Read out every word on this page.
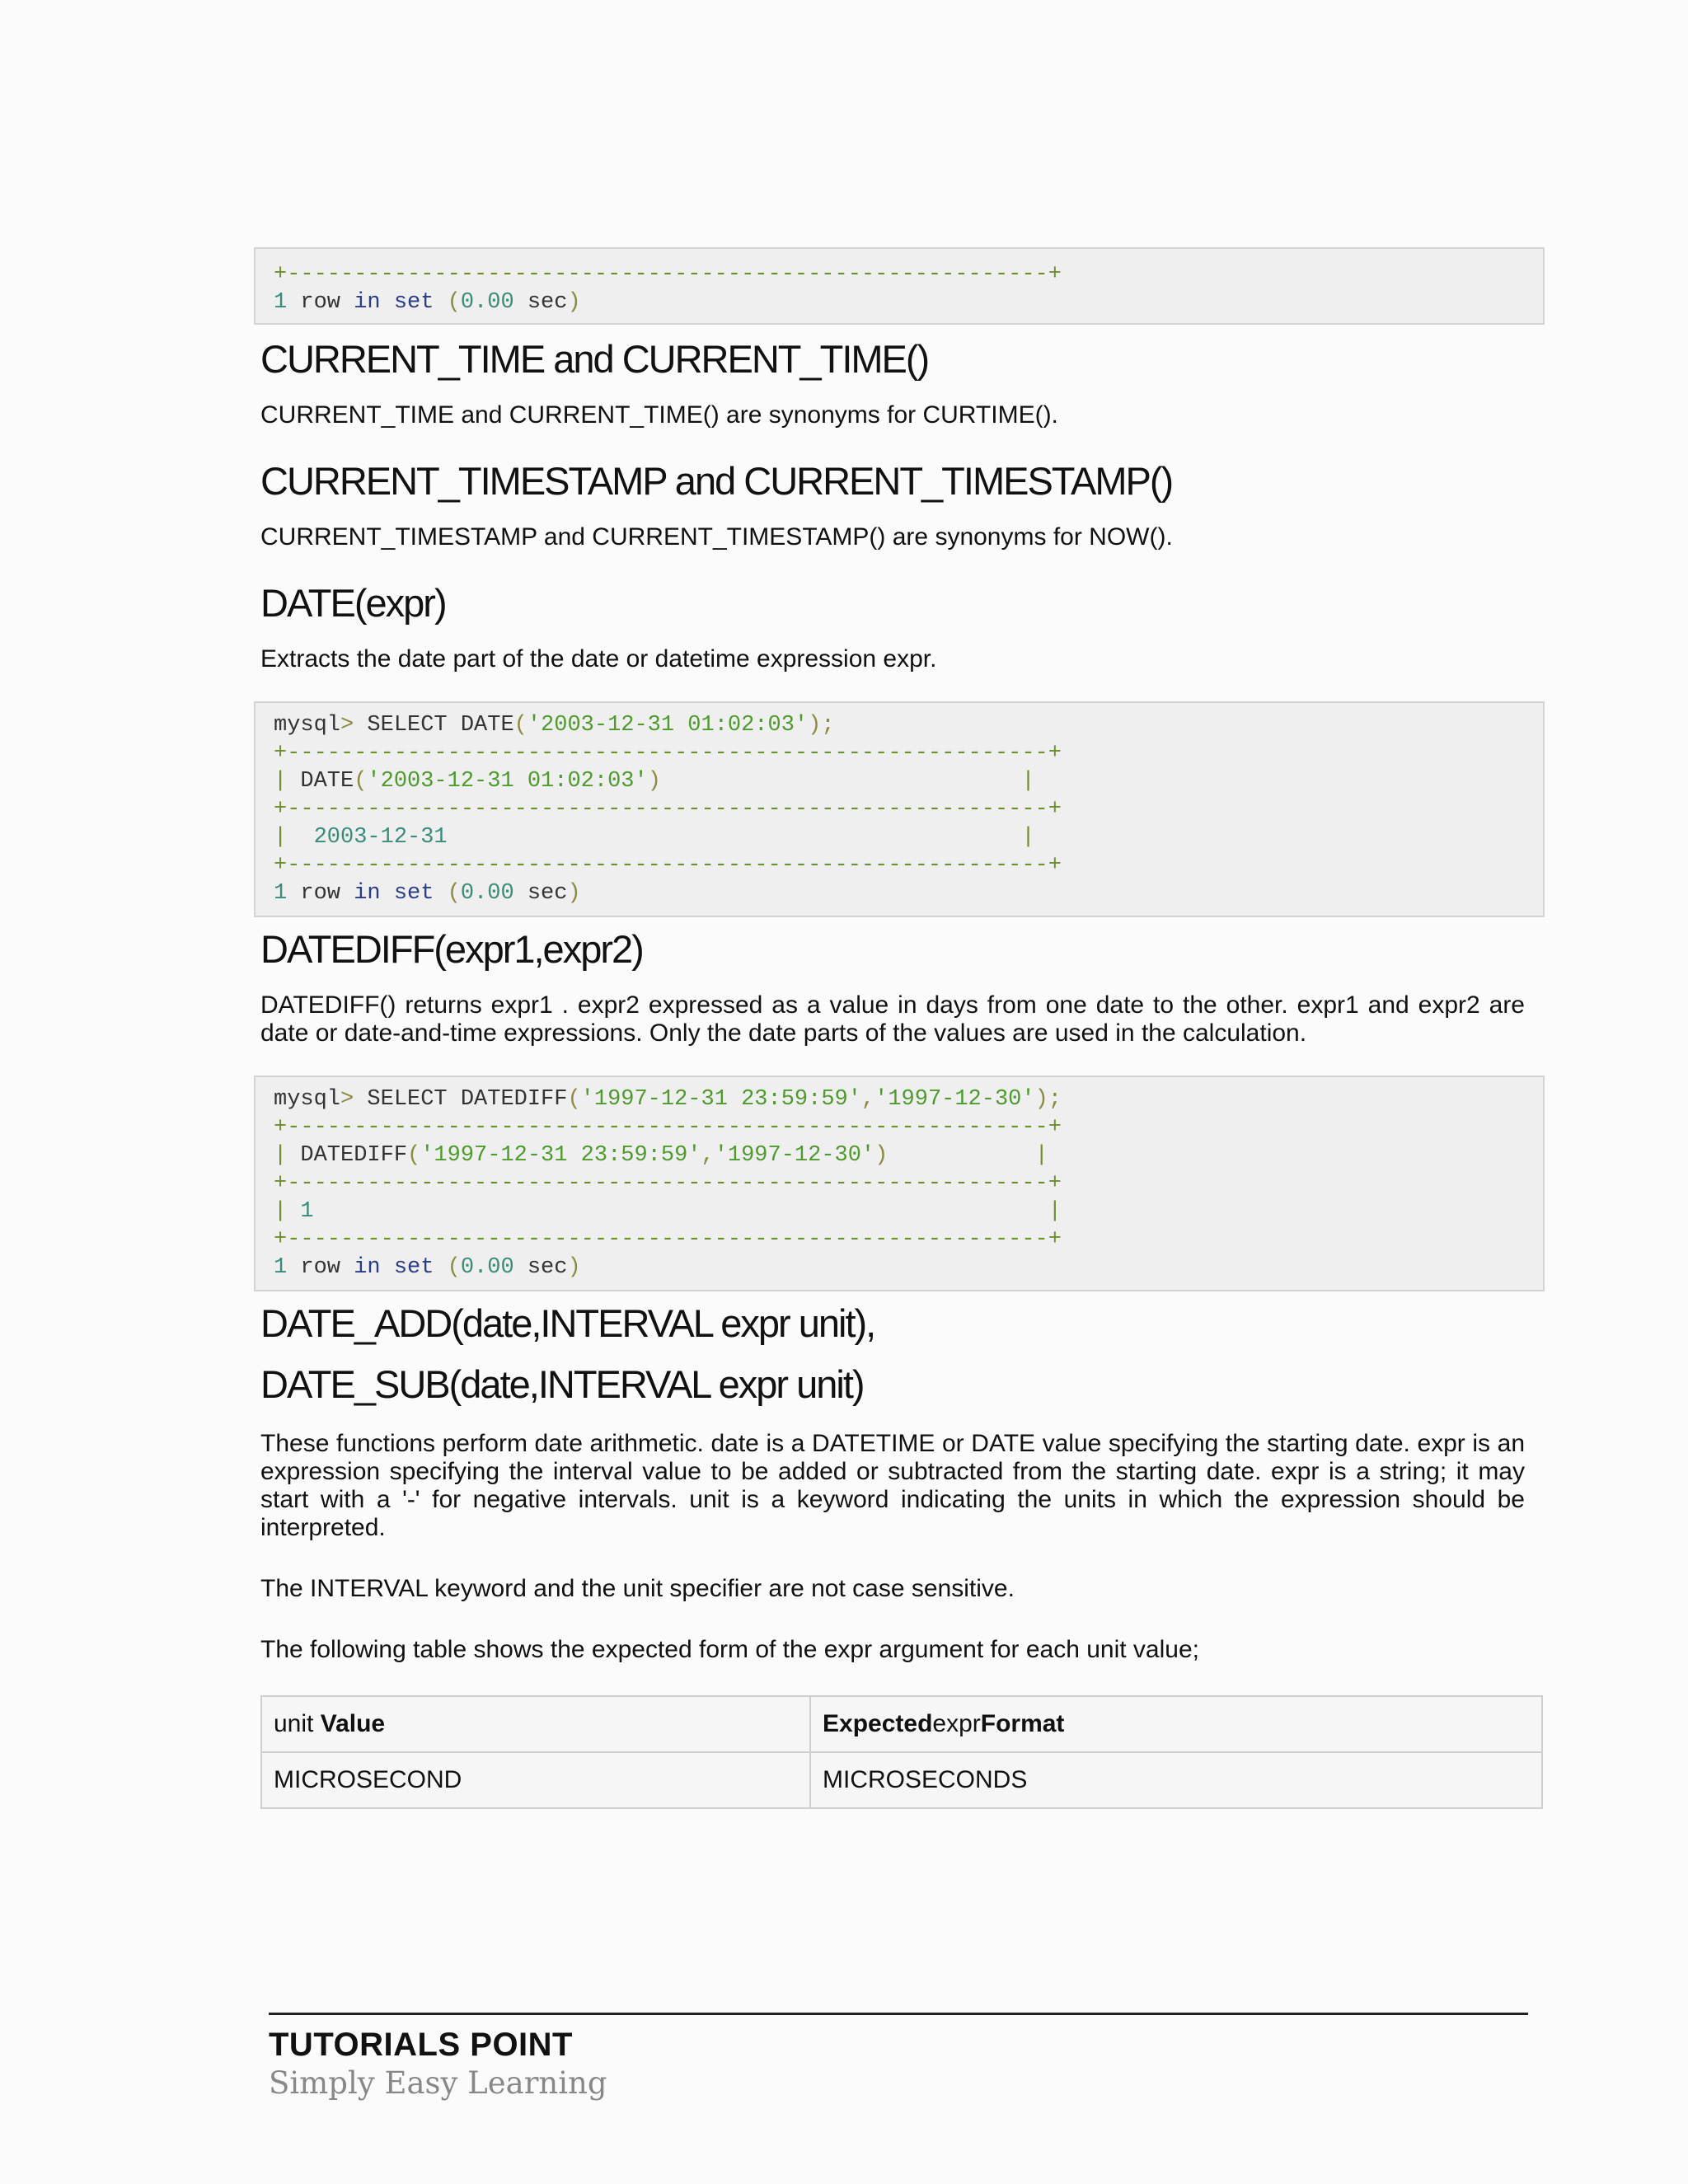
+---------------------------------------------------------+
1 row in set (0.00 sec)
CURRENT_TIME and CURRENT_TIME()

CURRENT_TIME and CURRENT_TIME() are synonyms for CURTIME().

CURRENT_TIMESTAMP and CURRENT_TIMESTAMP()

CURRENT_TIMESTAMP and CURRENT_TIMESTAMP() are synonyms for NOW().

DATE(expr)

Extracts the date part of the date or datetime expression expr.

mysql> SELECT DATE('2003-12-31 01:02:03');
+---------------------------------------------------------+
| DATE('2003-12-31 01:02:03')	|
+---------------------------------------------------------+
| 2003-12-31	|
+---------------------------------------------------------+
1 row in set (0.00 sec)
DATEDIFF(expr1,expr2)

DATEDIFF() returns expr1 . expr2 expressed as a value in days from one date to the other. expr1 and expr2 are date or date-and-time expressions. Only the date parts of the values are used in the calculation.

mysql> SELECT DATEDIFF('1997-12-31 23:59:59','1997-12-30');
+---------------------------------------------------------+
| DATEDIFF('1997-12-31 23:59:59','1997-12-30')	|
+---------------------------------------------------------+
| 1	|
+---------------------------------------------------------+
1 row in set (0.00 sec)
DATE_ADD(date,INTERVAL expr unit),
DATE_SUB(date,INTERVAL expr unit)

These functions perform date arithmetic. date is a DATETIME or DATE value specifying the starting date. expr is an expression specifying the interval value to be added or subtracted from the starting date. expr is a string; it may start with a '-' for negative intervals. unit is a keyword indicating the units in which the expression should be interpreted.

The INTERVAL keyword and the unit specifier are not case sensitive.

The following table shows the expected form of the expr argument for each unit value;

unit Value	ExpectedexprFormat
MICROSECOND	MICROSECONDS
TUTORIALS POINT
Simply Easy Learning
